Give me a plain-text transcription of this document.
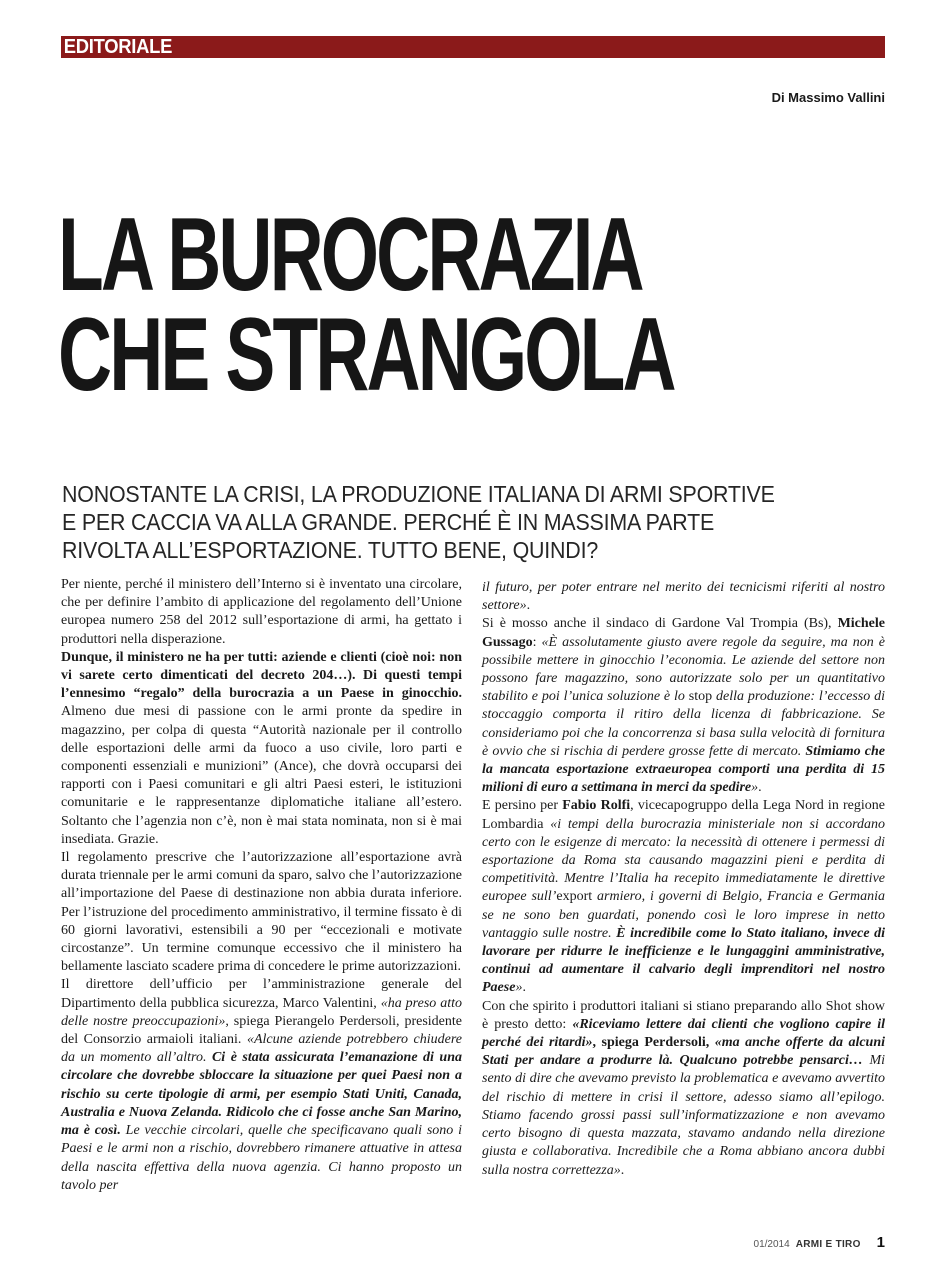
EDITORIALE
Di Massimo Vallini
LA BUROCRAZIA
CHE STRANGOLA
NONOSTANTE LA CRISI, LA PRODUZIONE ITALIANA DI ARMI SPORTIVE
E PER CACCIA VA ALLA GRANDE. PERCHÉ È IN MASSIMA PARTE
RIVOLTA ALL’ESPORTAZIONE. TUTTO BENE, QUINDI?

Per niente, perché il ministero dell’Interno si è inventato una circolare, che per definire l’ambito di applicazione del regolamento dell’Unione europea numero 258 del 2012 sull’esportazione di armi, ha gettato i produttori nella disperazione.

Dunque, il ministero ne ha per tutti: aziende e clienti (cioè noi: non vi sarete certo dimenticati del decreto 204…). Di questi tempi l’ennesimo “regalo” della burocrazia a un Paese in ginocchio. Almeno due mesi di passione con le armi pronte da spedire in magazzino, per colpa di questa “Autorità nazionale per il controllo delle esportazioni delle armi da fuoco a uso civile, loro parti e componenti essenziali e munizioni” (Ance), che dovrà occuparsi dei rapporti con i Paesi comunitari e gli altri Paesi esteri, le istituzioni comunitarie e le rappresentanze diplomatiche italiane all’estero. Soltanto che l’agenzia non c’è, non è mai stata nominata, non si è mai insediata. Grazie.

Il regolamento prescrive che l’autorizzazione all’esportazione avrà durata triennale per le armi comuni da sparo, salvo che l’autorizzazione all’importazione del Paese di destinazione non abbia durata inferiore. Per l’istruzione del procedimento amministrativo, il termine fissato è di 60 giorni lavorativi, estensibili a 90 per “eccezionali e motivate circostanze”. Un termine comunque eccessivo che il ministero ha bellamente lasciato scadere prima di concedere le prime autorizzazioni.

Il direttore dell’ufficio per l’amministrazione generale del Dipartimento della pubblica sicurezza, Marco Valentini, «ha preso atto delle nostre preoccupazioni», spiega Pierangelo Perdersoli, presidente del Consorzio armaioli italiani. «Alcune aziende potrebbero chiudere da un momento all’altro. Ci è stata assicurata l’emanazione di una circolare che dovrebbe sbloccare la situazione per quei Paesi non a rischio su certe tipologie di armi, per esempio Stati Uniti, Canada, Australia e Nuova Zelanda. Ridicolo che ci fosse anche San Marino, ma è così. Le vecchie circolari, quelle che specificavano quali sono i Paesi e le armi non a rischio, dovrebbero rimanere attuative in attesa della nascita effettiva della nuova agenzia. Ci hanno proposto un tavolo per

il futuro, per poter entrare nel merito dei tecnicismi riferiti al nostro settore».

Si è mosso anche il sindaco di Gardone Val Trompia (Bs), Michele Gussago: «È assolutamente giusto avere regole da seguire, ma non è possibile mettere in ginocchio l’economia. Le aziende del settore non possono fare magazzino, sono autorizzate solo per un quantitativo stabilito e poi l’unica soluzione è lo stop della produzione: l’eccesso di stoccaggio comporta il ritiro della licenza di fabbricazione. Se consideriamo poi che la concorrenza si basa sulla velocità di fornitura è ovvio che si rischia di perdere grosse fette di mercato. Stimiamo che la mancata esportazione extraeuropea comporti una perdita di 15 milioni di euro a settimana in merci da spedire».

E persino per Fabio Rolfi, vicecapogruppo della Lega Nord in regione Lombardia «i tempi della burocrazia ministeriale non si accordano certo con le esigenze di mercato: la necessità di ottenere i permessi di esportazione da Roma sta causando magazzini pieni e perdita di competitività. Mentre l’Italia ha recepito immediatamente le direttive europee sull’export armiero, i governi di Belgio, Francia e Germania se ne sono ben guardati, ponendo così le loro imprese in netto vantaggio sulle nostre. È incredibile come lo Stato italiano, invece di lavorare per ridurre le inefficienze e le lungaggini amministrative, continui ad aumentare il calvario degli imprenditori nel nostro Paese».

Con che spirito i produttori italiani si stiano preparando allo Shot show è presto detto: «Riceviamo lettere dai clienti che vogliono capire il perché dei ritardi», spiega Perdersoli, «ma anche offerte da alcuni Stati per andare a produrre là. Qualcuno potrebbe pensarci… Mi sento di dire che avevamo previsto la problematica e avevamo avvertito del rischio di mettere in crisi il settore, adesso siamo all’epilogo. Stiamo facendo grossi passi sull’informatizzazione e non avevamo certo bisogno di questa mazzata, stavamo andando nella direzione giusta e collaborativa. Incredibile che a Roma abbiano ancora dubbi sulla nostra correttezza».

01/2014 ARMI E TIRO 1
